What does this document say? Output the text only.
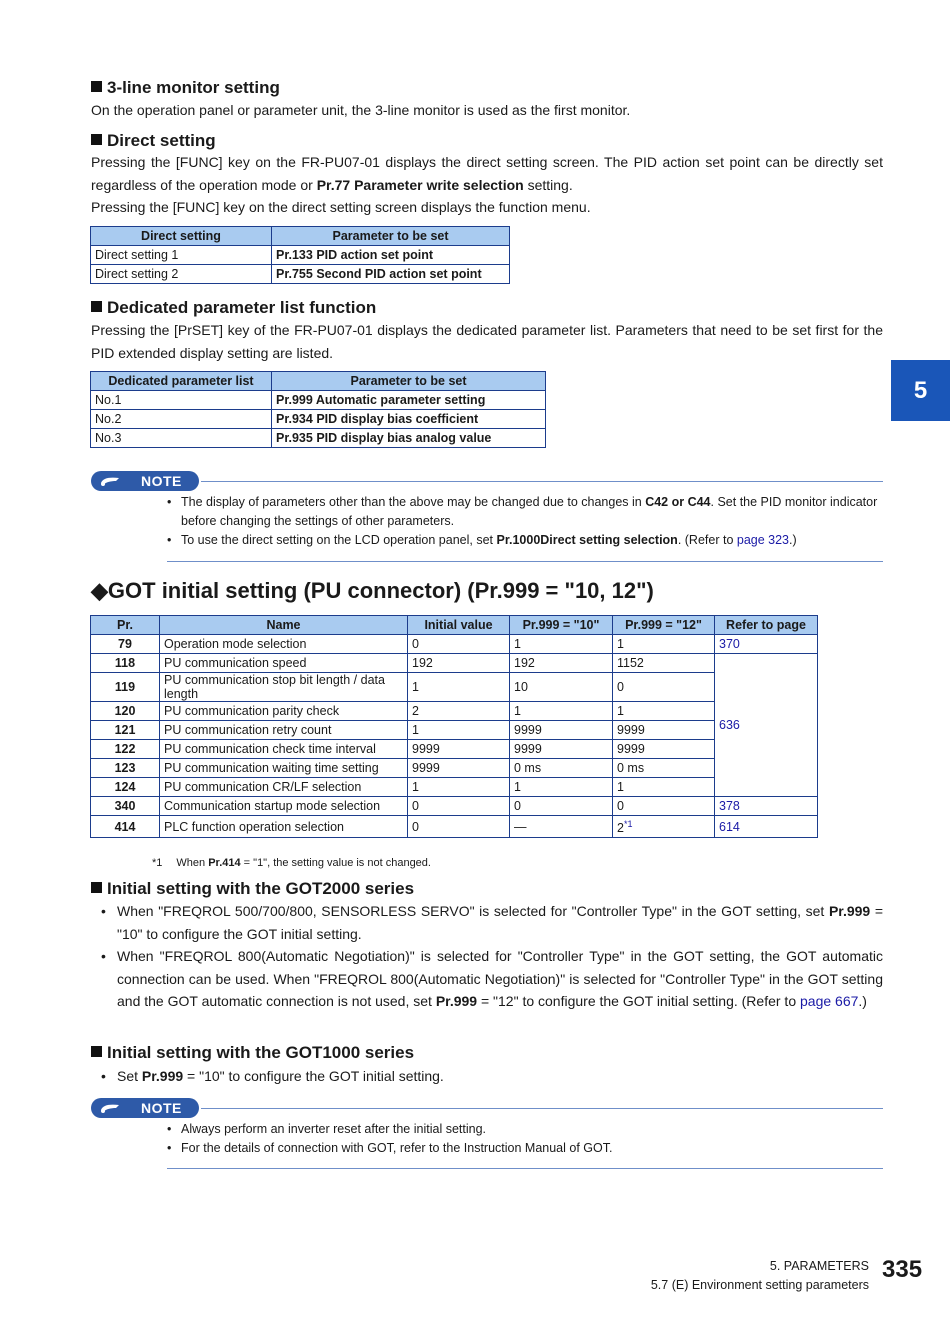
3-line monitor setting

On the operation panel or parameter unit, the 3-line monitor is used as the first monitor.

Direct setting

Pressing the [FUNC] key on the FR-PU07-01 displays the direct setting screen. The PID action set point can be directly set regardless of the operation mode or Pr.77 Parameter write selection setting.

Pressing the [FUNC] key on the direct setting screen displays the function menu.

Direct setting	Parameter to be set
Direct setting 1	Pr.133 PID action set point
Direct setting 2	Pr.755 Second PID action set point
Dedicated parameter list function

Pressing the [PrSET] key of the FR-PU07-01 displays the dedicated parameter list. Parameters that need to be set first for the PID extended display setting are listed.

Dedicated parameter list	Parameter to be set
No.1	Pr.999 Automatic parameter setting
No.2	Pr.934 PID display bias coefficient
No.3	Pr.935 PID display bias analog value
5
NOTE
• The display of parameters other than the above may be changed due to changes in C42 or C44. Set the PID monitor indicator before changing the settings of other parameters.
• To use the direct setting on the LCD operation panel, set Pr.1000Direct setting selection. (Refer to page 323.)
◆GOT initial setting (PU connector) (Pr.999 = "10, 12")
Pr.	Name	Initial value	Pr.999 = "10"	Pr.999 = "12"	Refer to page
79	Operation mode selection	0	1	1	370
118	PU communication speed	192	192	1152	636
119	PU communication stop bit length / data length	1	10	0	
120	PU communication parity check	2	1	1	
121	PU communication retry count	1	9999	9999	
122	PU communication check time interval	9999	9999	9999	
123	PU communication waiting time setting	9999	0 ms	0 ms	
124	PU communication CR/LF selection	1	1	1	
340	Communication startup mode selection	0	0	0	378
414	PLC function operation selection	0	—	2$^{*1}$	614
*1 When Pr.414 = "1", the setting value is not changed.
Initial setting with the GOT2000 series
• When "FREQROL 500/700/800, SENSORLESS SERVO" is selected for "Controller Type" in the GOT setting, set Pr.999 = "10" to configure the GOT initial setting.
• When "FREQROL 800(Automatic Negotiation)" is selected for "Controller Type" in the GOT setting, the GOT automatic connection can be used. When "FREQROL 800(Automatic Negotiation)" is selected for "Controller Type" in the GOT setting and the GOT automatic connection is not used, set Pr.999 = "12" to configure the GOT initial setting. (Refer to page 667.)
Initial setting with the GOT1000 series
• Set Pr.999 = "10" to configure the GOT initial setting.
NOTE
• Always perform an inverter reset after the initial setting.
• For the details of connection with GOT, refer to the Instruction Manual of GOT.
5. PARAMETERS
5.7 (E) Environment setting parameters
335
